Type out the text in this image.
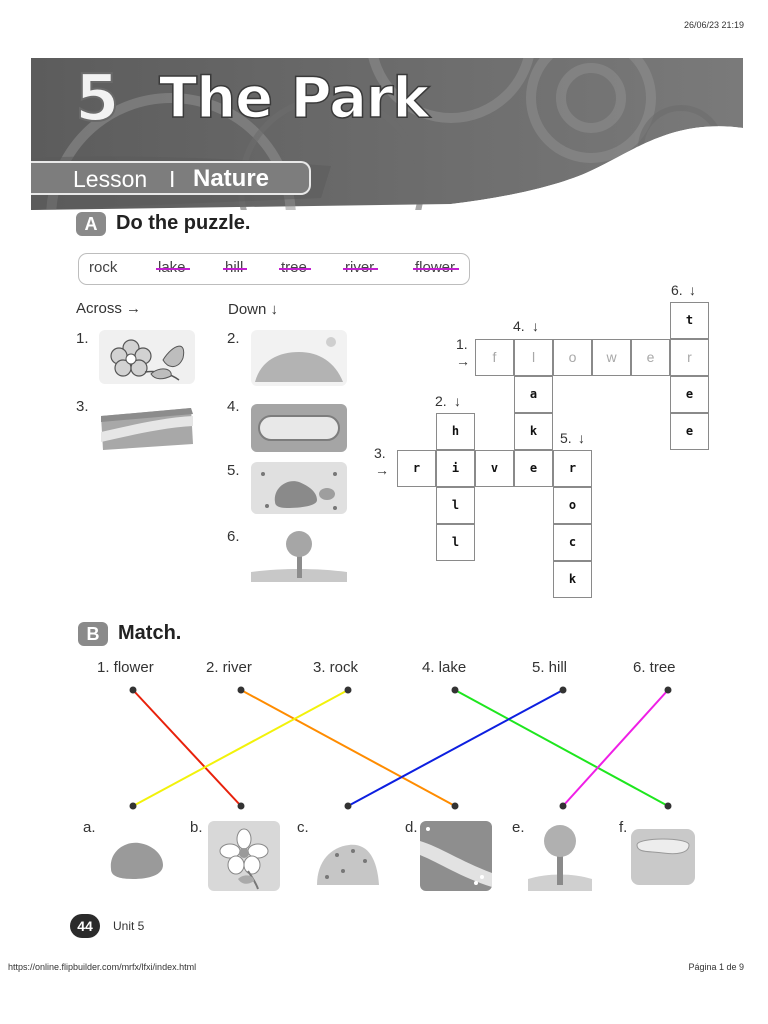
26/06/23 21:19
5 The Park
Lesson I Nature
A Do the puzzle.
rock
Across →	Down ↓
1.
3.
2.
4.
5.
6.
1.
→
4. ↓
6. ↓
2. ↓
5. ↓
3.
→
f	l	o	w	e	r
t
e
e
a
k
h
l
l
r	i	v	e	r
o
c
k
B Match.
1. flower	2. river	3. rock	4. lake	5. hill	6. tree
a.	b.	c.	d.	e.	f.
44	Unit 5
https://online.flipbuilder.com/mrfx/lfxi/index.html	Página 1 de 9
